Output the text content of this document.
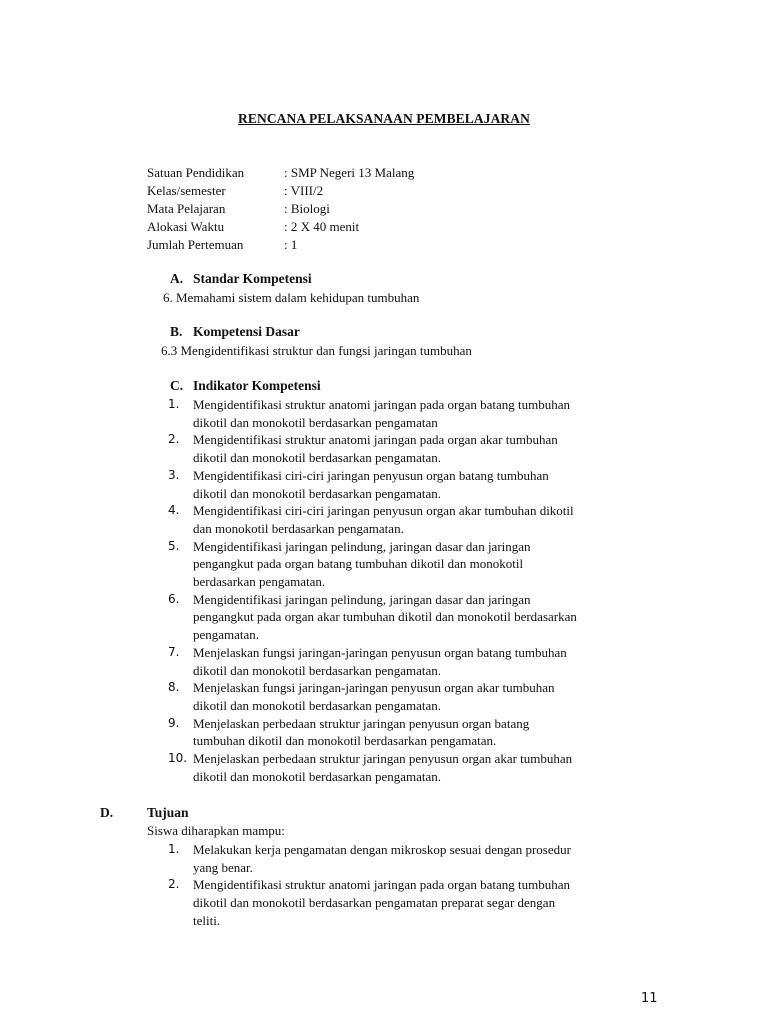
RENCANA PELAKSANAAN PEMBELAJARAN
Satuan Pendidikan	: SMP Negeri 13 Malang
Kelas/semester	: VIII/2
Mata Pelajaran	: Biologi
Alokasi Waktu	: 2 X 40 menit
Jumlah Pertemuan	: 1
A. Standar Kompetensi
6. Memahami sistem dalam kehidupan tumbuhan
B. Kompetensi Dasar
6.3 Mengidentifikasi struktur dan fungsi jaringan tumbuhan
C. Indikator Kompetensi
1.	Mengidentifikasi struktur anatomi jaringan pada organ batang tumbuhan
dikotil dan monokotil berdasarkan pengamatan
2.	Mengidentifikasi struktur anatomi jaringan pada organ akar tumbuhan
dikotil dan monokotil berdasarkan pengamatan.
3.	Mengidentifikasi ciri-ciri jaringan penyusun organ batang tumbuhan
dikotil dan monokotil berdasarkan pengamatan.
4.	Mengidentifikasi ciri-ciri jaringan penyusun organ akar tumbuhan dikotil
dan monokotil berdasarkan pengamatan.
5.	Mengidentifikasi jaringan pelindung, jaringan dasar dan jaringan
pengangkut pada organ batang tumbuhan dikotil dan monokotil
berdasarkan pengamatan.
6.	Mengidentifikasi jaringan pelindung, jaringan dasar dan jaringan
pengangkut pada organ akar tumbuhan dikotil dan monokotil berdasarkan
pengamatan.
7.	Menjelaskan fungsi jaringan-jaringan penyusun organ batang tumbuhan
dikotil dan monokotil berdasarkan pengamatan.
8.	Menjelaskan fungsi jaringan-jaringan penyusun organ akar tumbuhan
dikotil dan monokotil berdasarkan pengamatan.
9.	Menjelaskan perbedaan struktur jaringan penyusun organ batang
tumbuhan dikotil dan monokotil berdasarkan pengamatan.
10. Menjelaskan perbedaan struktur jaringan penyusun organ akar tumbuhan
dikotil dan monokotil berdasarkan pengamatan.
D.	Tujuan
Siswa diharapkan mampu:
1.	Melakukan kerja pengamatan dengan mikroskop sesuai dengan prosedur
yang benar.
2.	Mengidentifikasi struktur anatomi jaringan pada organ batang tumbuhan
dikotil dan monokotil berdasarkan pengamatan preparat segar dengan
teliti.
11
